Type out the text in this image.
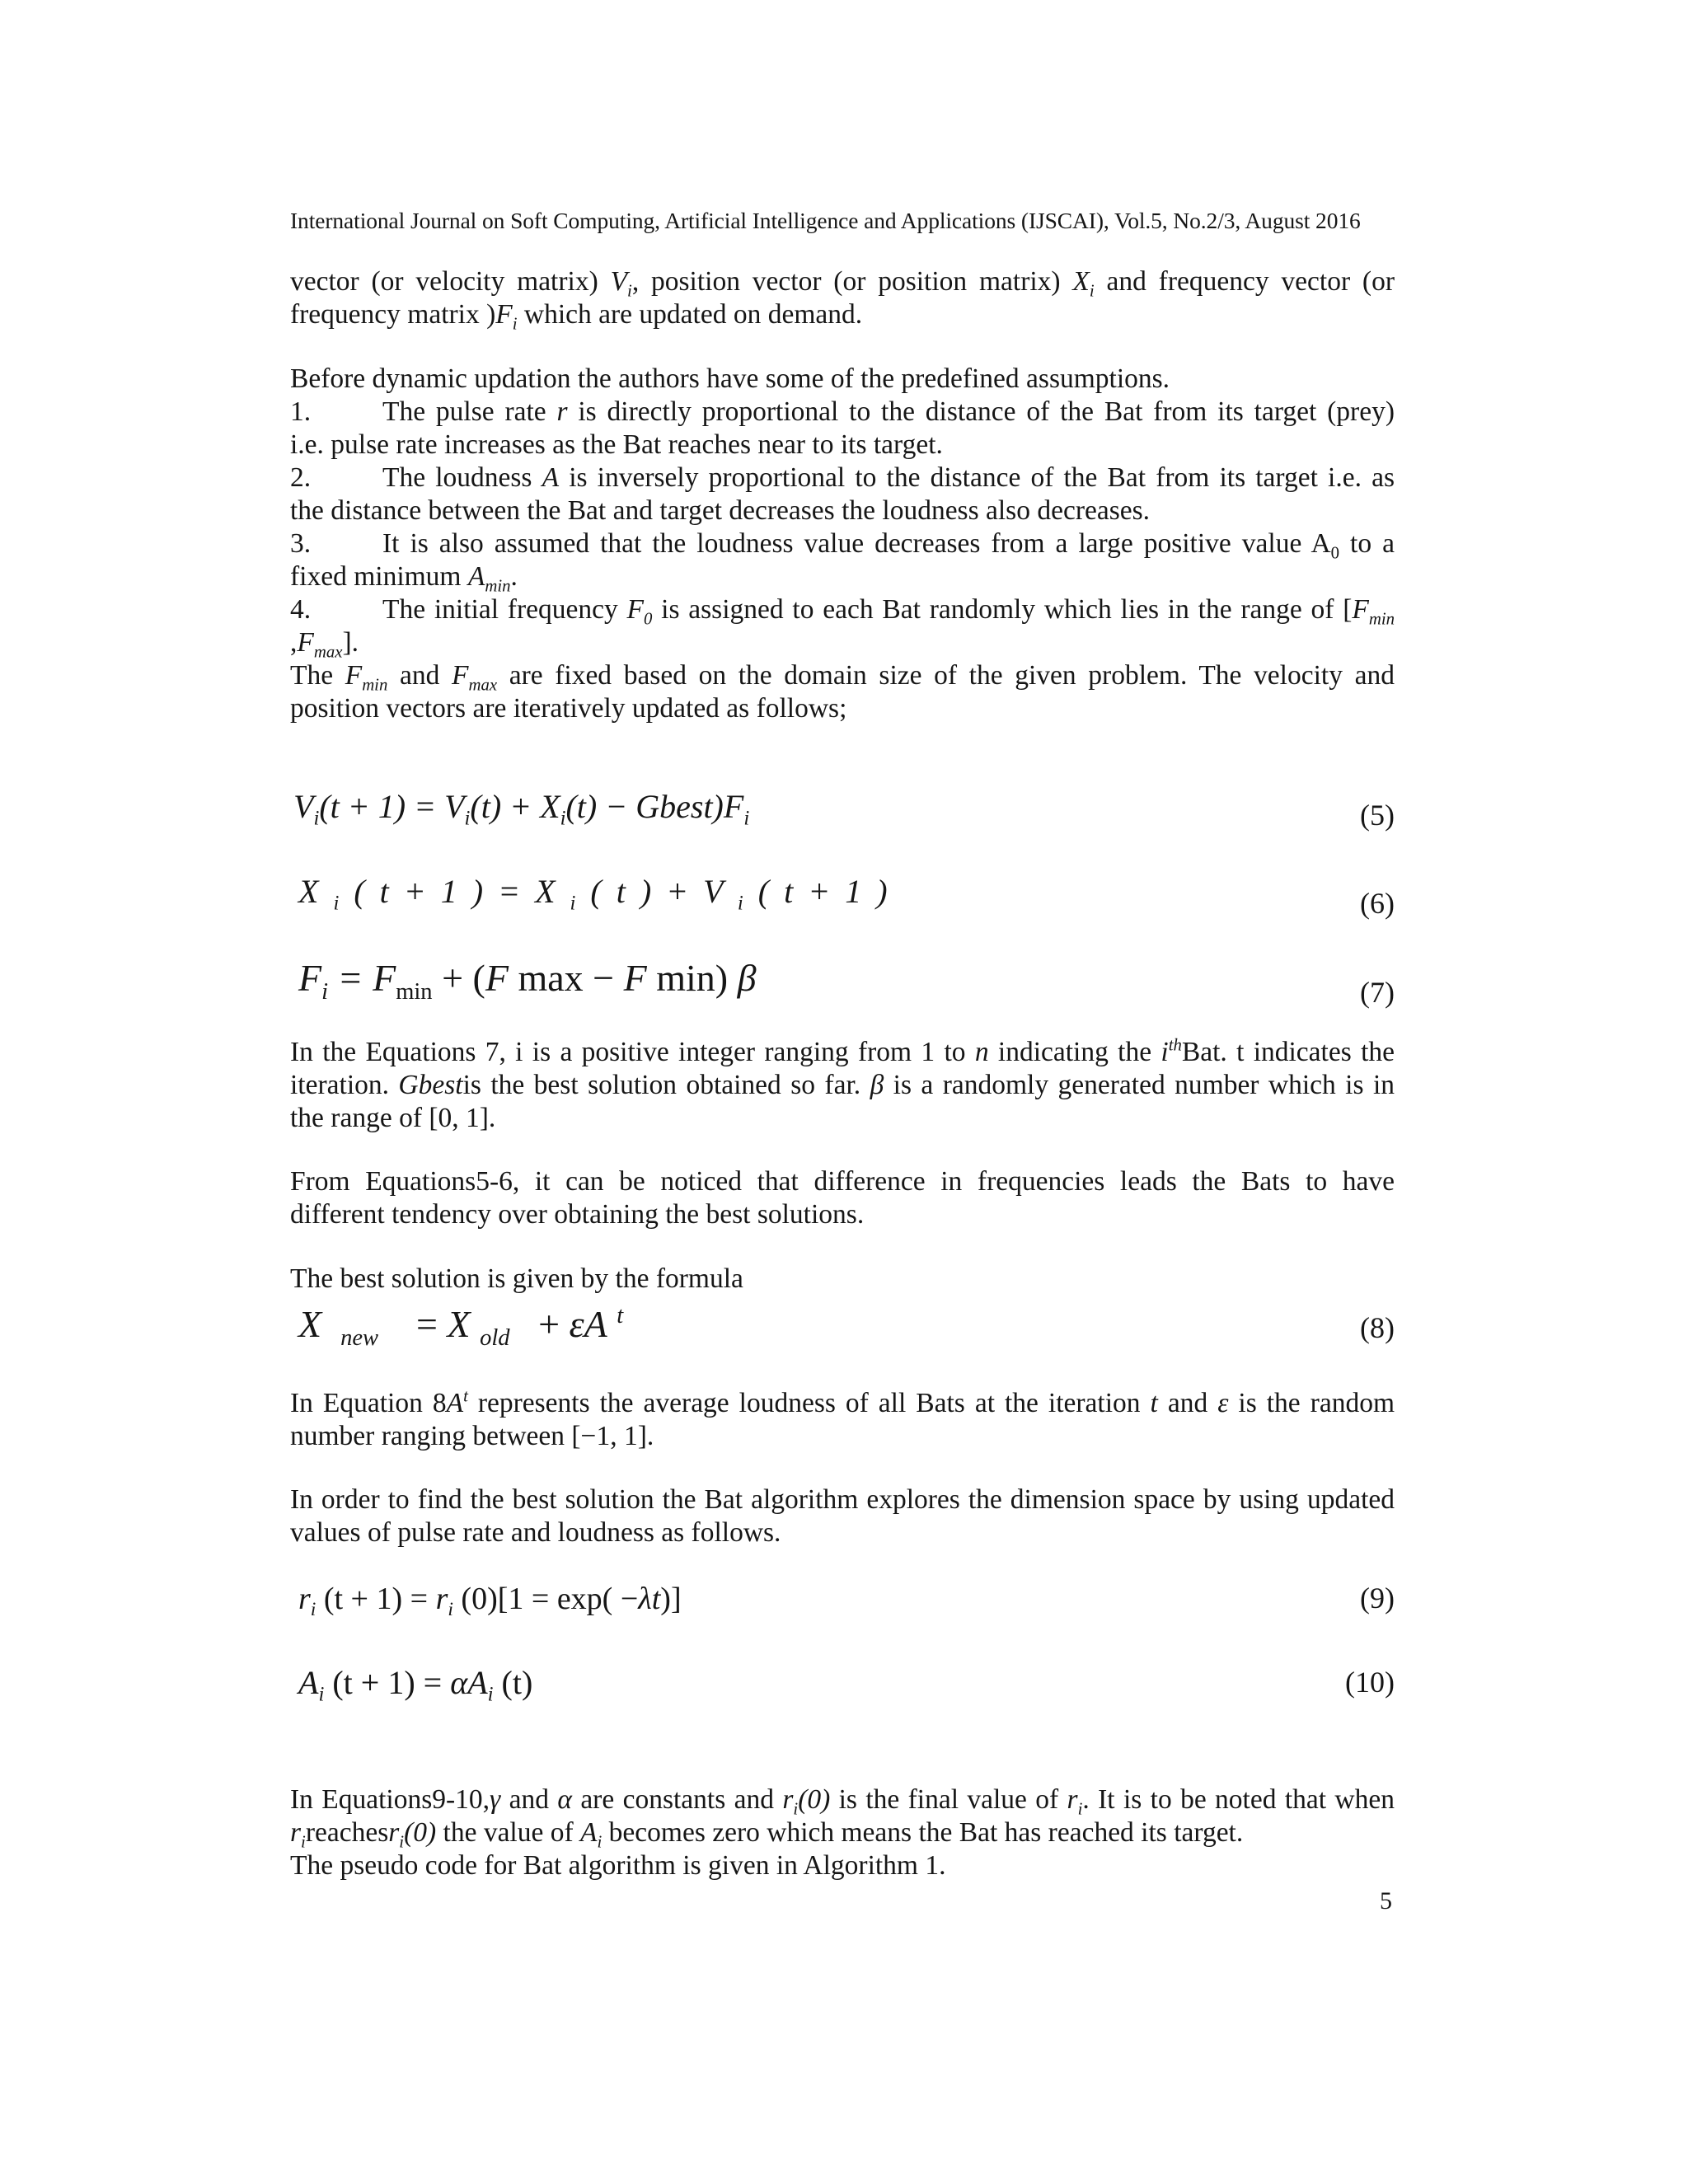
International Journal on Soft Computing, Artificial Intelligence and Applications (IJSCAI), Vol.5, No.2/3, August 2016
vector (or velocity matrix) $V_i$, position vector (or position matrix) $X_i$ and frequency vector (or
frequency matrix )$F_i$ which are updated on demand.
Before dynamic updation the authors have some of the predefined assumptions.
1.	The pulse rate r is directly proportional to the distance of the Bat from its target (prey)
i.e. pulse rate increases as the Bat reaches near to its target.
2.	The loudness A is inversely proportional to the distance of the Bat from its target i.e. as
the distance between the Bat and target decreases the loudness also decreases.
3.	It is also assumed that the loudness value decreases from a large positive value $A_0$ to a
fixed minimum $A_{min}$.
4.	The initial frequency $F_0$ is assigned to each Bat randomly which lies in the range of [$F_{min}$
$,F_{max}$].
The $F_{min}$ and $F_{max}$ are fixed based on the domain size of the given problem. The velocity and
position vectors are iteratively updated as follows;
$V_i(t + 1) = V_i(t) + X_i(t)$ − $Gbest)F_i$	(5)
X $_i$ ( t + 1 ) = X $_i$ ( t ) + V $_i$ ( t + 1 )	(6)
$F_i = F_{min} + (F$ max − F min) β	(7)
In the Equations 7, i is a positive integer ranging from 1 to n indicating the $i^{th}Bat$. t indicates the
iteration. Gbestis the best solution obtained so far. β is a randomly generated number which is in
the range of [0, 1].
From Equations5-6, it can be noticed that difference in frequencies leads the Bats to have
different tendency over obtaining the best solutions.
The best solution is given by the formula
X $_{new}$    = X $_{old}$   + εA $^t$	(8)
In Equation $8A^t$ represents the average loudness of all Bats at the iteration t and ε is the random
number ranging between [−1, 1].
In order to find the best solution the Bat algorithm explores the dimension space by using updated
values of pulse rate and loudness as follows.
$r_i$ $(t + 1) = r_i$ (0)[1 = exp( −λt)]	(9)
$A_i$ $(t + 1) = \alpha A_i$ (t)	(10)
In Equations9-10,γ and α are constants and $r_i(0)$ is the final value of $r_i$. It is to be noted that when
$r_ireachesr_i(0)$ the value of $A_i$ becomes zero which means the Bat has reached its target.
The pseudo code for Bat algorithm is given in Algorithm 1.
5
